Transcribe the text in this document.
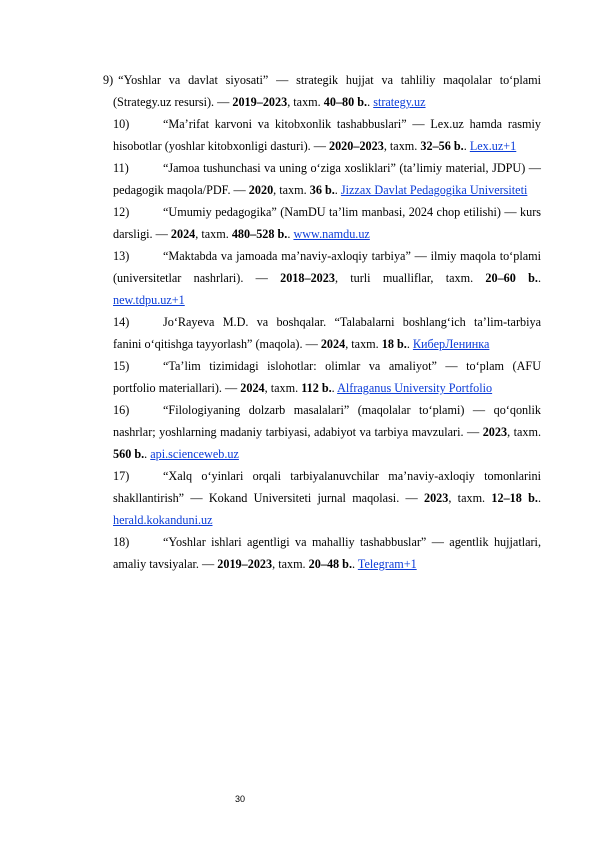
9) “Yoshlar va davlat siyosati” — strategik hujjat va tahliliy maqolalar to‘plami (Strategy.uz resursi). — 2019–2023, taxm. 40–80 b.. strategy.uz

10)	“Ma’rifat karvoni va kitobxonlik tashabbuslari” — Lex.uz hamda rasmiy hisobotlar (yoshlar kitobxonligi dasturi). — 2020–2023, taxm. 32–56 b.. Lex.uz+1

11)	“Jamoa tushunchasi va uning o‘ziga xosliklari” (ta’limiy material, JDPU) — pedagogik maqola/PDF. — 2020, taxm. 36 b.. Jizzax Davlat Pedagogika Universiteti

12)	“Umumiy pedagogika” (NamDU ta’lim manbasi, 2024 chop etilishi) — kurs darsligi. — 2024, taxm. 480–528 b.. www.namdu.uz

13)	“Maktabda va jamoada ma’naviy-axloqiy tarbiya” — ilmiy maqola to‘plami (universitetlar nashrlari). — 2018–2023, turli mualliflar, taxm. 20–60 b.. new.tdpu.uz+1

14)	Jo‘Rayeva M.D. va boshqalar. “Talabalarni boshlang‘ich ta’lim-tarbiya fanini o‘qitishga tayyorlash” (maqola). — 2024, taxm. 18 b.. КиберЛенинка

15)	“Ta’lim tizimidagi islohotlar: olimlar va amaliyot” — to‘plam (AFU portfolio materiallari). — 2024, taxm. 112 b.. Alfraganus University Portfolio

16)	“Filologiyaning dolzarb masalalari” (maqolalar to‘plami) — qo‘qonlik nashrlar; yoshlarning madaniy tarbiyasi, adabiyot va tarbiya mavzulari. — 2023, taxm. 560 b.. api.scienceweb.uz

17)	“Xalq o‘yinlari orqali tarbiyalanuvchilar ma’naviy-axloqiy tomonlarini shakllantirish” — Kokand Universiteti jurnal maqolasi. — 2023, taxm. 12–18 b.. herald.kokanduni.uz

18)	“Yoshlar ishlari agentligi va mahalliy tashabbuslar” — agentlik hujjatlari, amaliy tavsiyalar. — 2019–2023, taxm. 20–48 b.. Telegram+1

30
